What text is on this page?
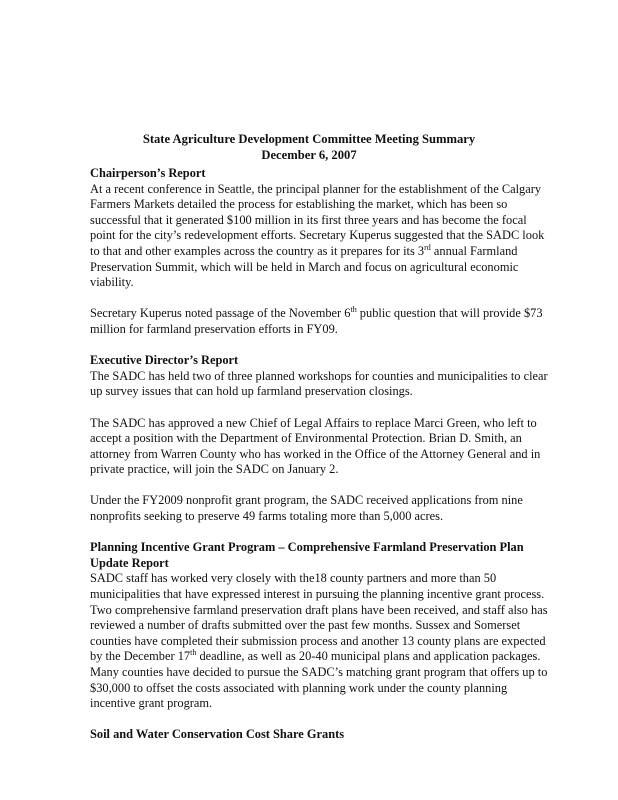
State Agriculture Development Committee Meeting Summary
December 6, 2007
Chairperson’s Report

At a recent conference in Seattle, the principal planner for the establishment of the Calgary Farmers Markets detailed the process for establishing the market, which has been so successful that it generated $100 million in its first three years and has become the focal point for the city’s redevelopment efforts. Secretary Kuperus suggested that the SADC look to that and other examples across the country as it prepares for its 3rd annual Farmland Preservation Summit, which will be held in March and focus on agricultural economic viability.

Secretary Kuperus noted passage of the November 6th public question that will provide $73 million for farmland preservation efforts in FY09.

Executive Director’s Report

The SADC has held two of three planned workshops for counties and municipalities to clear up survey issues that can hold up farmland preservation closings.

The SADC has approved a new Chief of Legal Affairs to replace Marci Green, who left to accept a position with the Department of Environmental Protection. Brian D. Smith, an attorney from Warren County who has worked in the Office of the Attorney General and in private practice, will join the SADC on January 2.

Under the FY2009 nonprofit grant program, the SADC received applications from nine nonprofits seeking to preserve 49 farms totaling more than 5,000 acres.

Planning Incentive Grant Program – Comprehensive Farmland Preservation Plan Update Report

SADC staff has worked very closely with the18 county partners and more than 50 municipalities that have expressed interest in pursuing the planning incentive grant process. Two comprehensive farmland preservation draft plans have been received, and staff also has reviewed a number of drafts submitted over the past few months. Sussex and Somerset counties have completed their submission process and another 13 county plans are expected by the December 17th deadline, as well as 20-40 municipal plans and application packages. Many counties have decided to pursue the SADC’s matching grant program that offers up to $30,000 to offset the costs associated with planning work under the county planning incentive grant program.

Soil and Water Conservation Cost Share Grants
